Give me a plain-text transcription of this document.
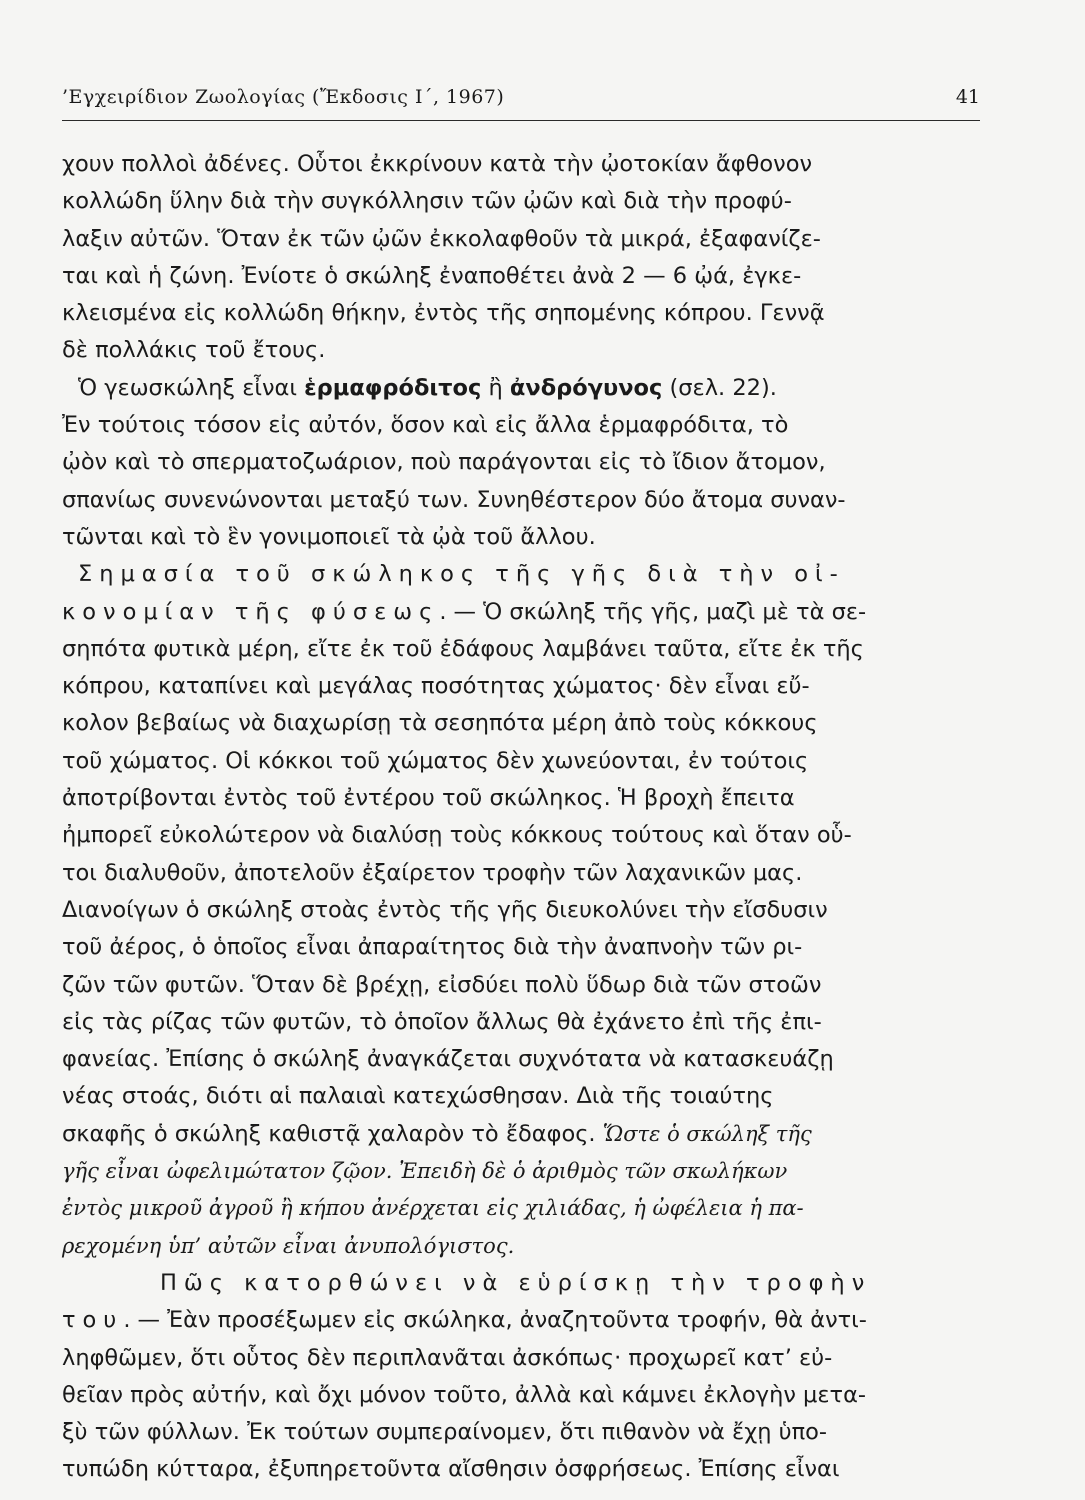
’Εγχειρίδιον Ζωολογίας (Ἔκδοσις Ι΄, 1967)	41
χουν πολλοὶ ἀδένες. Οὗτοι ἐκκρίνουν κατὰ τὴν ᾠοτοκίαν ἄφθονον
κολλώδη ὕλην διὰ τὴν συγκόλλησιν τῶν ᾠῶν καὶ διὰ τὴν προφύ-
λαξιν αὐτῶν. Ὅταν ἐκ τῶν ᾠῶν ἐκκολαφθοῦν τὰ μικρά, ἐξαφανίζε-
ται καὶ ἡ ζώνη. Ἐνίοτε ὁ σκώληξ ἐναποθέτει ἀνὰ 2 — 6 ᾠά, ἐγκε-
κλεισμένα εἰς κολλώδη θήκην, ἐντὸς τῆς σηπομένης κόπρου. Γεννᾷ
δὲ πολλάκις τοῦ ἔτους.
Ὁ γεωσκώληξ εἶναι ἑρμαφρόδιτος ἢ ἀνδρόγυνος (σελ. 22).
Ἐν τούτοις τόσον εἰς αὐτόν, ὅσον καὶ εἰς ἄλλα ἑρμαφρόδιτα, τὸ
ᾠὸν καὶ τὸ σπερματοζωάριον, ποὺ παράγονται εἰς τὸ ἴδιον ἄτομον,
σπανίως συνενώνονται μεταξύ των. Συνηθέστερον δύο ἄτομα συναν-
τῶνται καὶ τὸ ἓν γονιμοποιεῖ τὰ ᾠὰ τοῦ ἄλλου.
Σημασία τοῦ σκώληκος τῆς γῆς διὰ τὴν οἰ-
κονομίαν τῆς φύσεως.— Ὁ σκώληξ τῆς γῆς, μαζὶ μὲ τὰ σε-
σηπότα φυτικὰ μέρη, εἴτε ἐκ τοῦ ἐδάφους λαμβάνει ταῦτα, εἴτε ἐκ τῆς
κόπρου, καταπίνει καὶ μεγάλας ποσότητας χώματος· δὲν εἶναι εὔ-
κολον βεβαίως νὰ διαχωρίσῃ τὰ σεσηπότα μέρη ἀπὸ τοὺς κόκκους
τοῦ χώματος. Οἱ κόκκοι τοῦ χώματος δὲν χωνεύονται, ἐν τούτοις
ἀποτρίβονται ἐντὸς τοῦ ἐντέρου τοῦ σκώληκος. Ἡ βροχὴ ἔπειτα
ἠμπορεῖ εὐκολώτερον νὰ διαλύσῃ τοὺς κόκκους τούτους καὶ ὅταν οὗ-
τοι διαλυθοῦν, ἀποτελοῦν ἐξαίρετον τροφὴν τῶν λαχανικῶν μας.
Διανοίγων ὁ σκώληξ στοὰς ἐντὸς τῆς γῆς διευκολύνει τὴν εἴσδυσιν
τοῦ ἀέρος, ὁ ὁποῖος εἶναι ἀπαραίτητος διὰ τὴν ἀναπνοὴν τῶν ρι-
ζῶν τῶν φυτῶν. Ὅταν δὲ βρέχῃ, εἰσδύει πολὺ ὕδωρ διὰ τῶν στοῶν
εἰς τὰς ρίζας τῶν φυτῶν, τὸ ὁποῖον ἄλλως θὰ ἐχάνετο ἐπὶ τῆς ἐπι-
φανείας. Ἐπίσης ὁ σκώληξ ἀναγκάζεται συχνότατα νὰ κατασκευάζῃ
νέας στοάς, διότι αἱ παλαιαὶ κατεχώσθησαν. Διὰ τῆς τοιαύτης
σκαφῆς ὁ σκώληξ καθιστᾷ χαλαρὸν τὸ ἔδαφος. Ὥστε ὁ σκώληξ τῆς
γῆς εἶναι ὠφελιμώτατον ζῷον. Ἐπειδὴ δὲ ὁ ἀριθμὸς τῶν σκωλήκων
ἐντὸς μικροῦ ἀγροῦ ἢ κήπου ἀνέρχεται εἰς χιλιάδας, ἡ ὠφέλεια ἡ πα-
ρεχομένη ὑπ’ αὐτῶν εἶναι ἀνυπολόγιστος.
Πῶς κατορθώνει νὰ εὑρίσκῃ τὴν τροφὴν
του.— Ἐὰν προσέξωμεν εἰς σκώληκα, ἀναζητοῦντα τροφήν, θὰ ἀντι-
ληφθῶμεν, ὅτι οὗτος δὲν περιπλανᾶται ἀσκόπως· προχωρεῖ κατ’ εὐ-
θεῖαν πρὸς αὐτήν, καὶ ὄχι μόνον τοῦτο, ἀλλὰ καὶ κάμνει ἐκλογὴν μετα-
ξὺ τῶν φύλλων. Ἐκ τούτων συμπεραίνομεν, ὅτι πιθανὸν νὰ ἔχῃ ὑπο-
τυπώδη κύτταρα, ἐξυπηρετοῦντα αἴσθησιν ὀσφρήσεως. Ἐπίσης εἶναι
